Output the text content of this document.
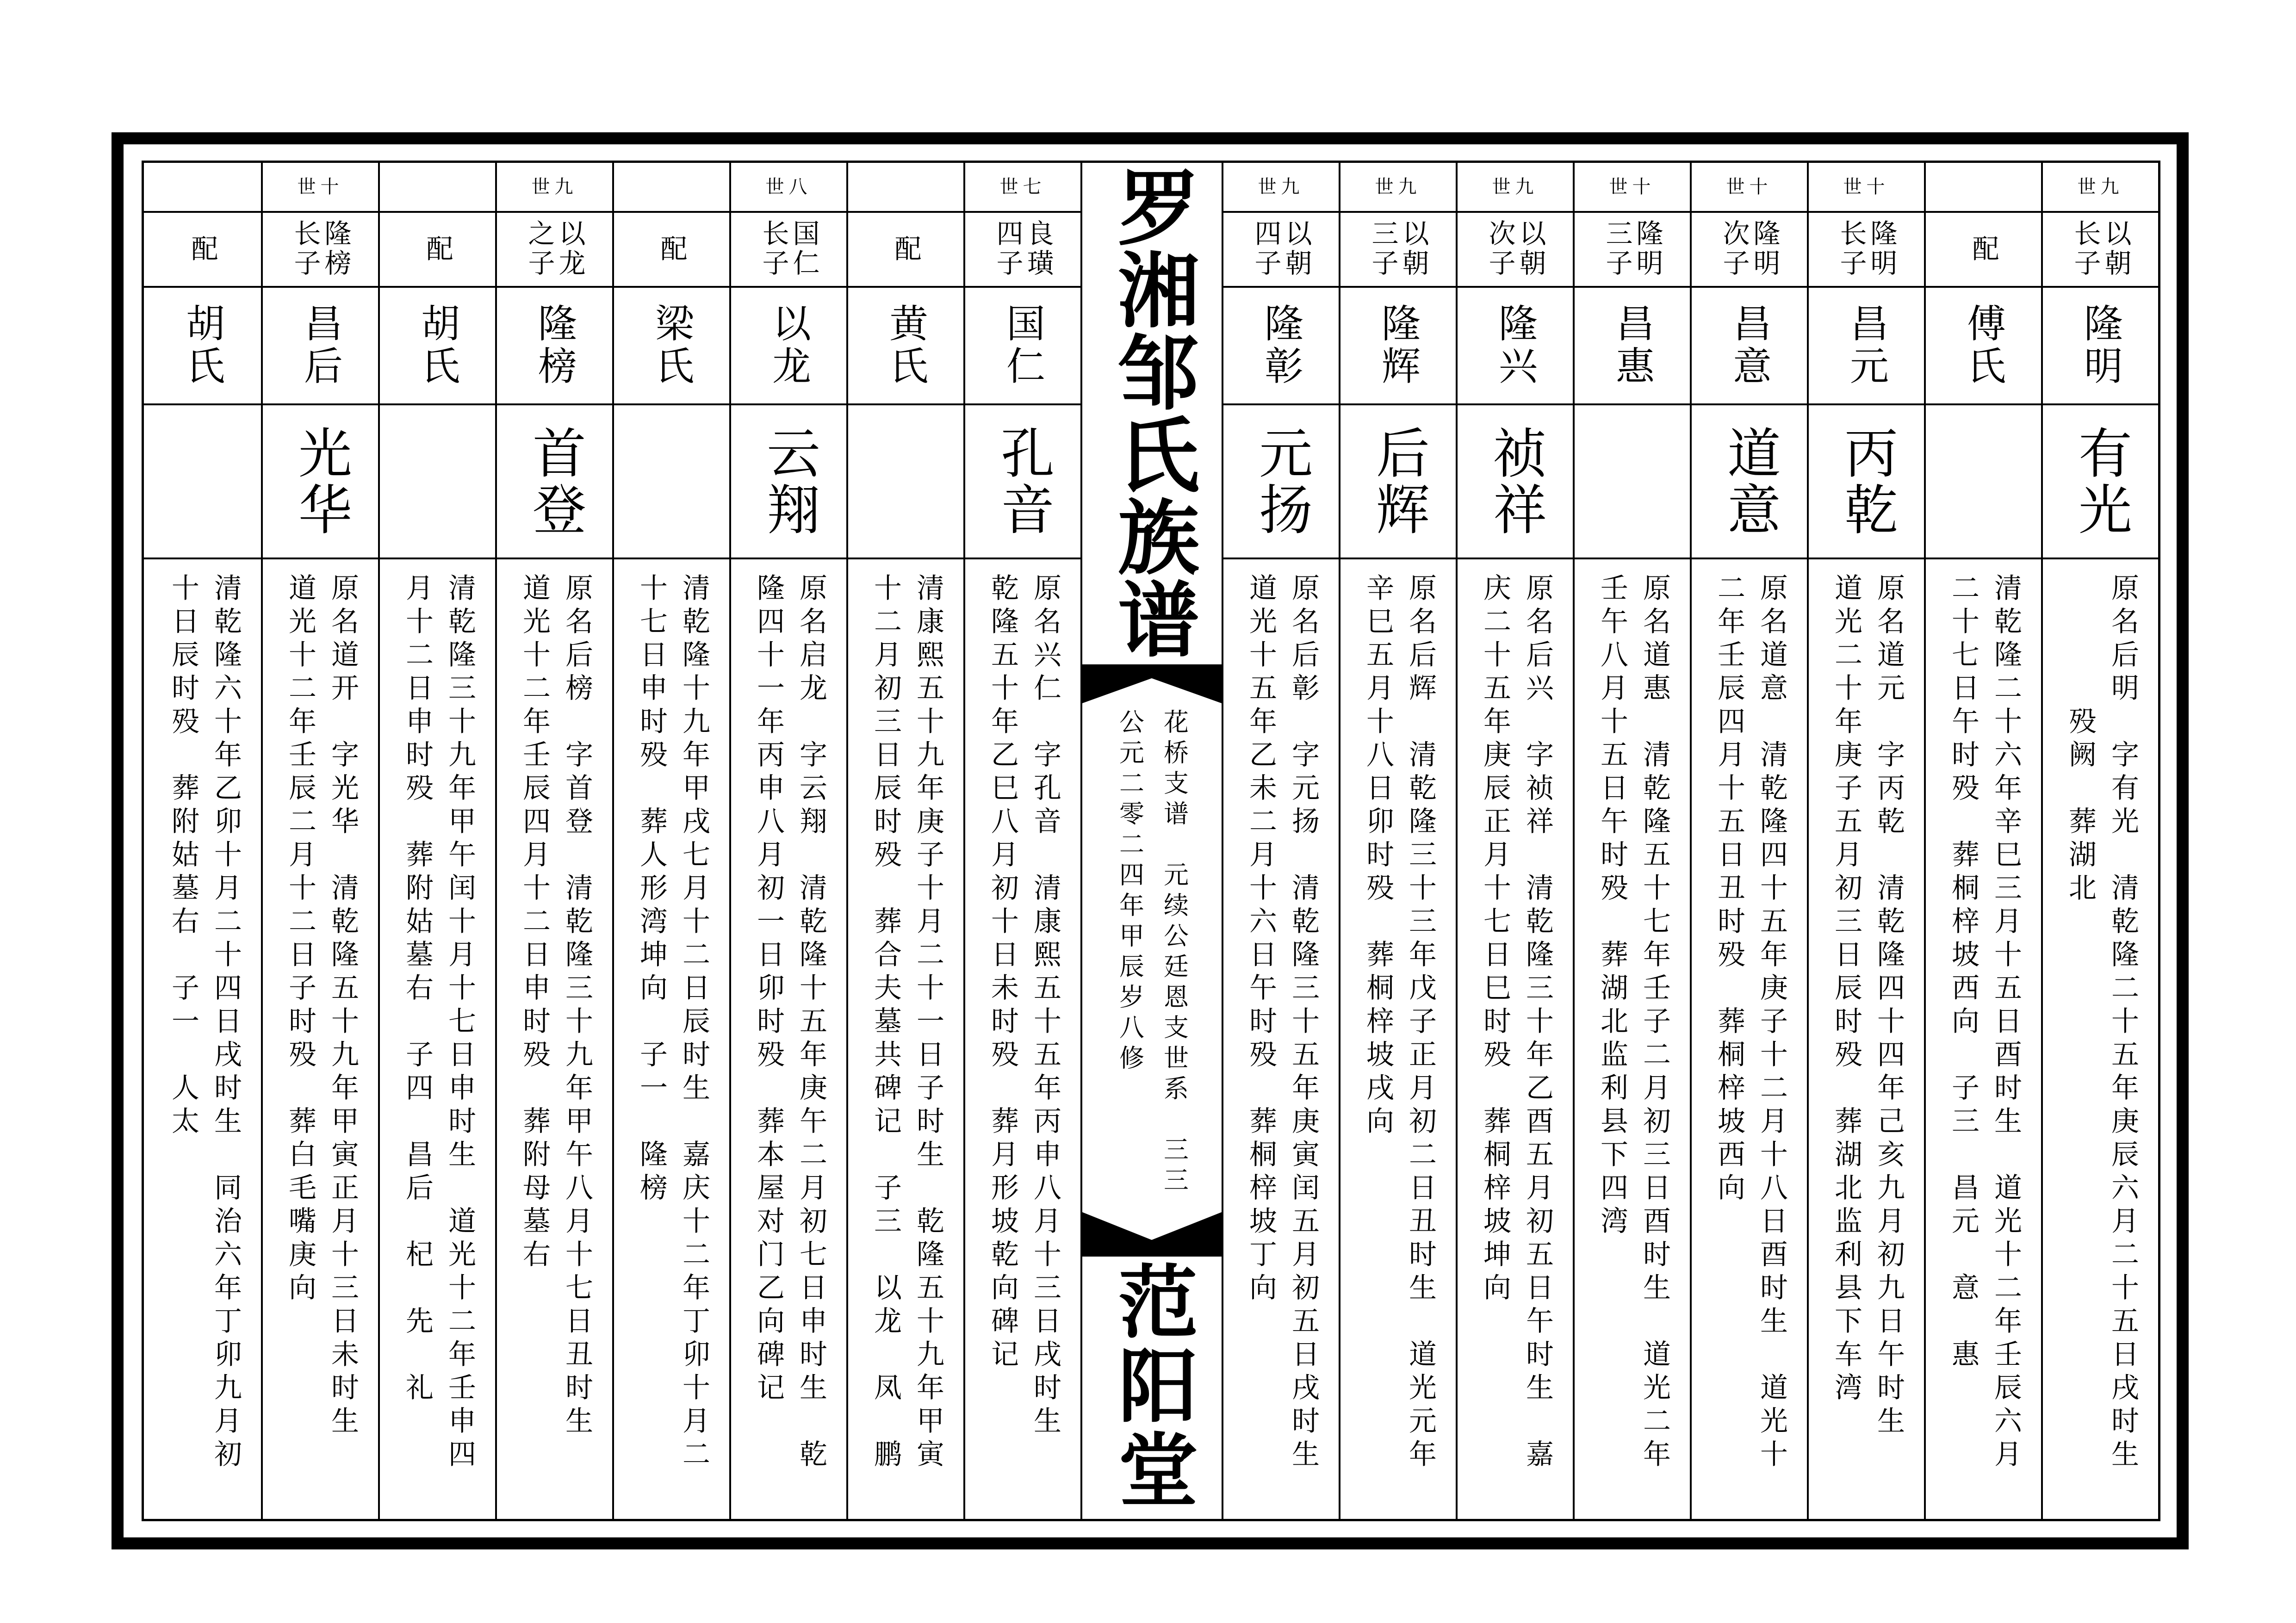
罗湘邹氏族谱
花桥支谱　元续公廷恩支世系　三三
公元二零二四年甲辰岁八修
范阳堂
九世
以朝长子
隆明
有光
原名后明　字有光　清乾隆二十五年庚辰六月二十五日戌时生
　　　　殁阙　葬湖北
配
傅氏
清乾隆二十六年辛巳三月十五日酉时生　道光十二年壬辰六月
二十七日午时殁　葬桐梓坡西向　子三　昌元　意　惠
十世
隆明长子
昌元
丙乾
原名道元　字丙乾　清乾隆四十四年己亥九月初九日午时生
道光二十年庚子五月初三日辰时殁　葬湖北监利县下车湾
十世
隆明次子
昌意
道意
原名道意　清乾隆四十五年庚子十二月十八日酉时生　道光十
二年壬辰四月十五日丑时殁　葬桐梓坡西向
十世
隆明三子
昌惠
原名道惠　清乾隆五十七年壬子二月初三日酉时生　道光二年
壬午八月十五日午时殁　葬湖北监利县下四湾
九世
以朝次子
隆兴
祯祥
原名后兴　字祯祥　清乾隆三十年乙酉五月初五日午时生　嘉
庆二十五年庚辰正月十七日巳时殁　葬桐梓坡坤向
九世
以朝三子
隆辉
后辉
原名后辉　清乾隆三十三年戊子正月初二日丑时生　道光元年
辛巳五月十八日卯时殁　葬桐梓坡戌向
九世
以朝四子
隆彰
元扬
原名后彰　字元扬　清乾隆三十五年庚寅闰五月初五日戌时生
道光十五年乙未二月十六日午时殁　葬桐梓坡丁向
七世
良璜四子
国仁
孔音
原名兴仁　字孔音　清康熙五十五年丙申八月十三日戌时生
乾隆五十年乙巳八月初十日未时殁　葬月形坡乾向碑记
配
黄氏
清康熙五十九年庚子十月二十一日子时生　乾隆五十九年甲寅
十二月初三日辰时殁　葬合夫墓共碑记　子三　以龙　凤　鹏
八世
国仁长子
以龙
云翔
原名启龙　字云翔　清乾隆十五年庚午二月初七日申时生　乾
隆四十一年丙申八月初一日卯时殁　葬本屋对门乙向碑记
配
梁氏
清乾隆十九年甲戌七月十二日辰时生　嘉庆十二年丁卯十月二
十七日申时殁　葬人形湾坤向　子一　隆榜
九世
以龙之子
隆榜
首登
原名后榜　字首登　清乾隆三十九年甲午八月十七日丑时生
道光十二年壬辰四月十二日申时殁　葬附母墓右
配
胡氏
清乾隆三十九年甲午闰十月十七日申时生　道光十二年壬申四
月十二日申时殁　葬附姑墓右　子四　昌后　杞　先　礼
十世
隆榜长子
昌后
光华
原名道开　字光华　清乾隆五十九年甲寅正月十三日未时生
道光十二年壬辰二月十二日子时殁　葬白毛嘴庚向
配
胡氏
清乾隆六十年乙卯十月二十四日戌时生　同治六年丁卯九月初
十日辰时殁　葬附姑墓右　子一　人太
